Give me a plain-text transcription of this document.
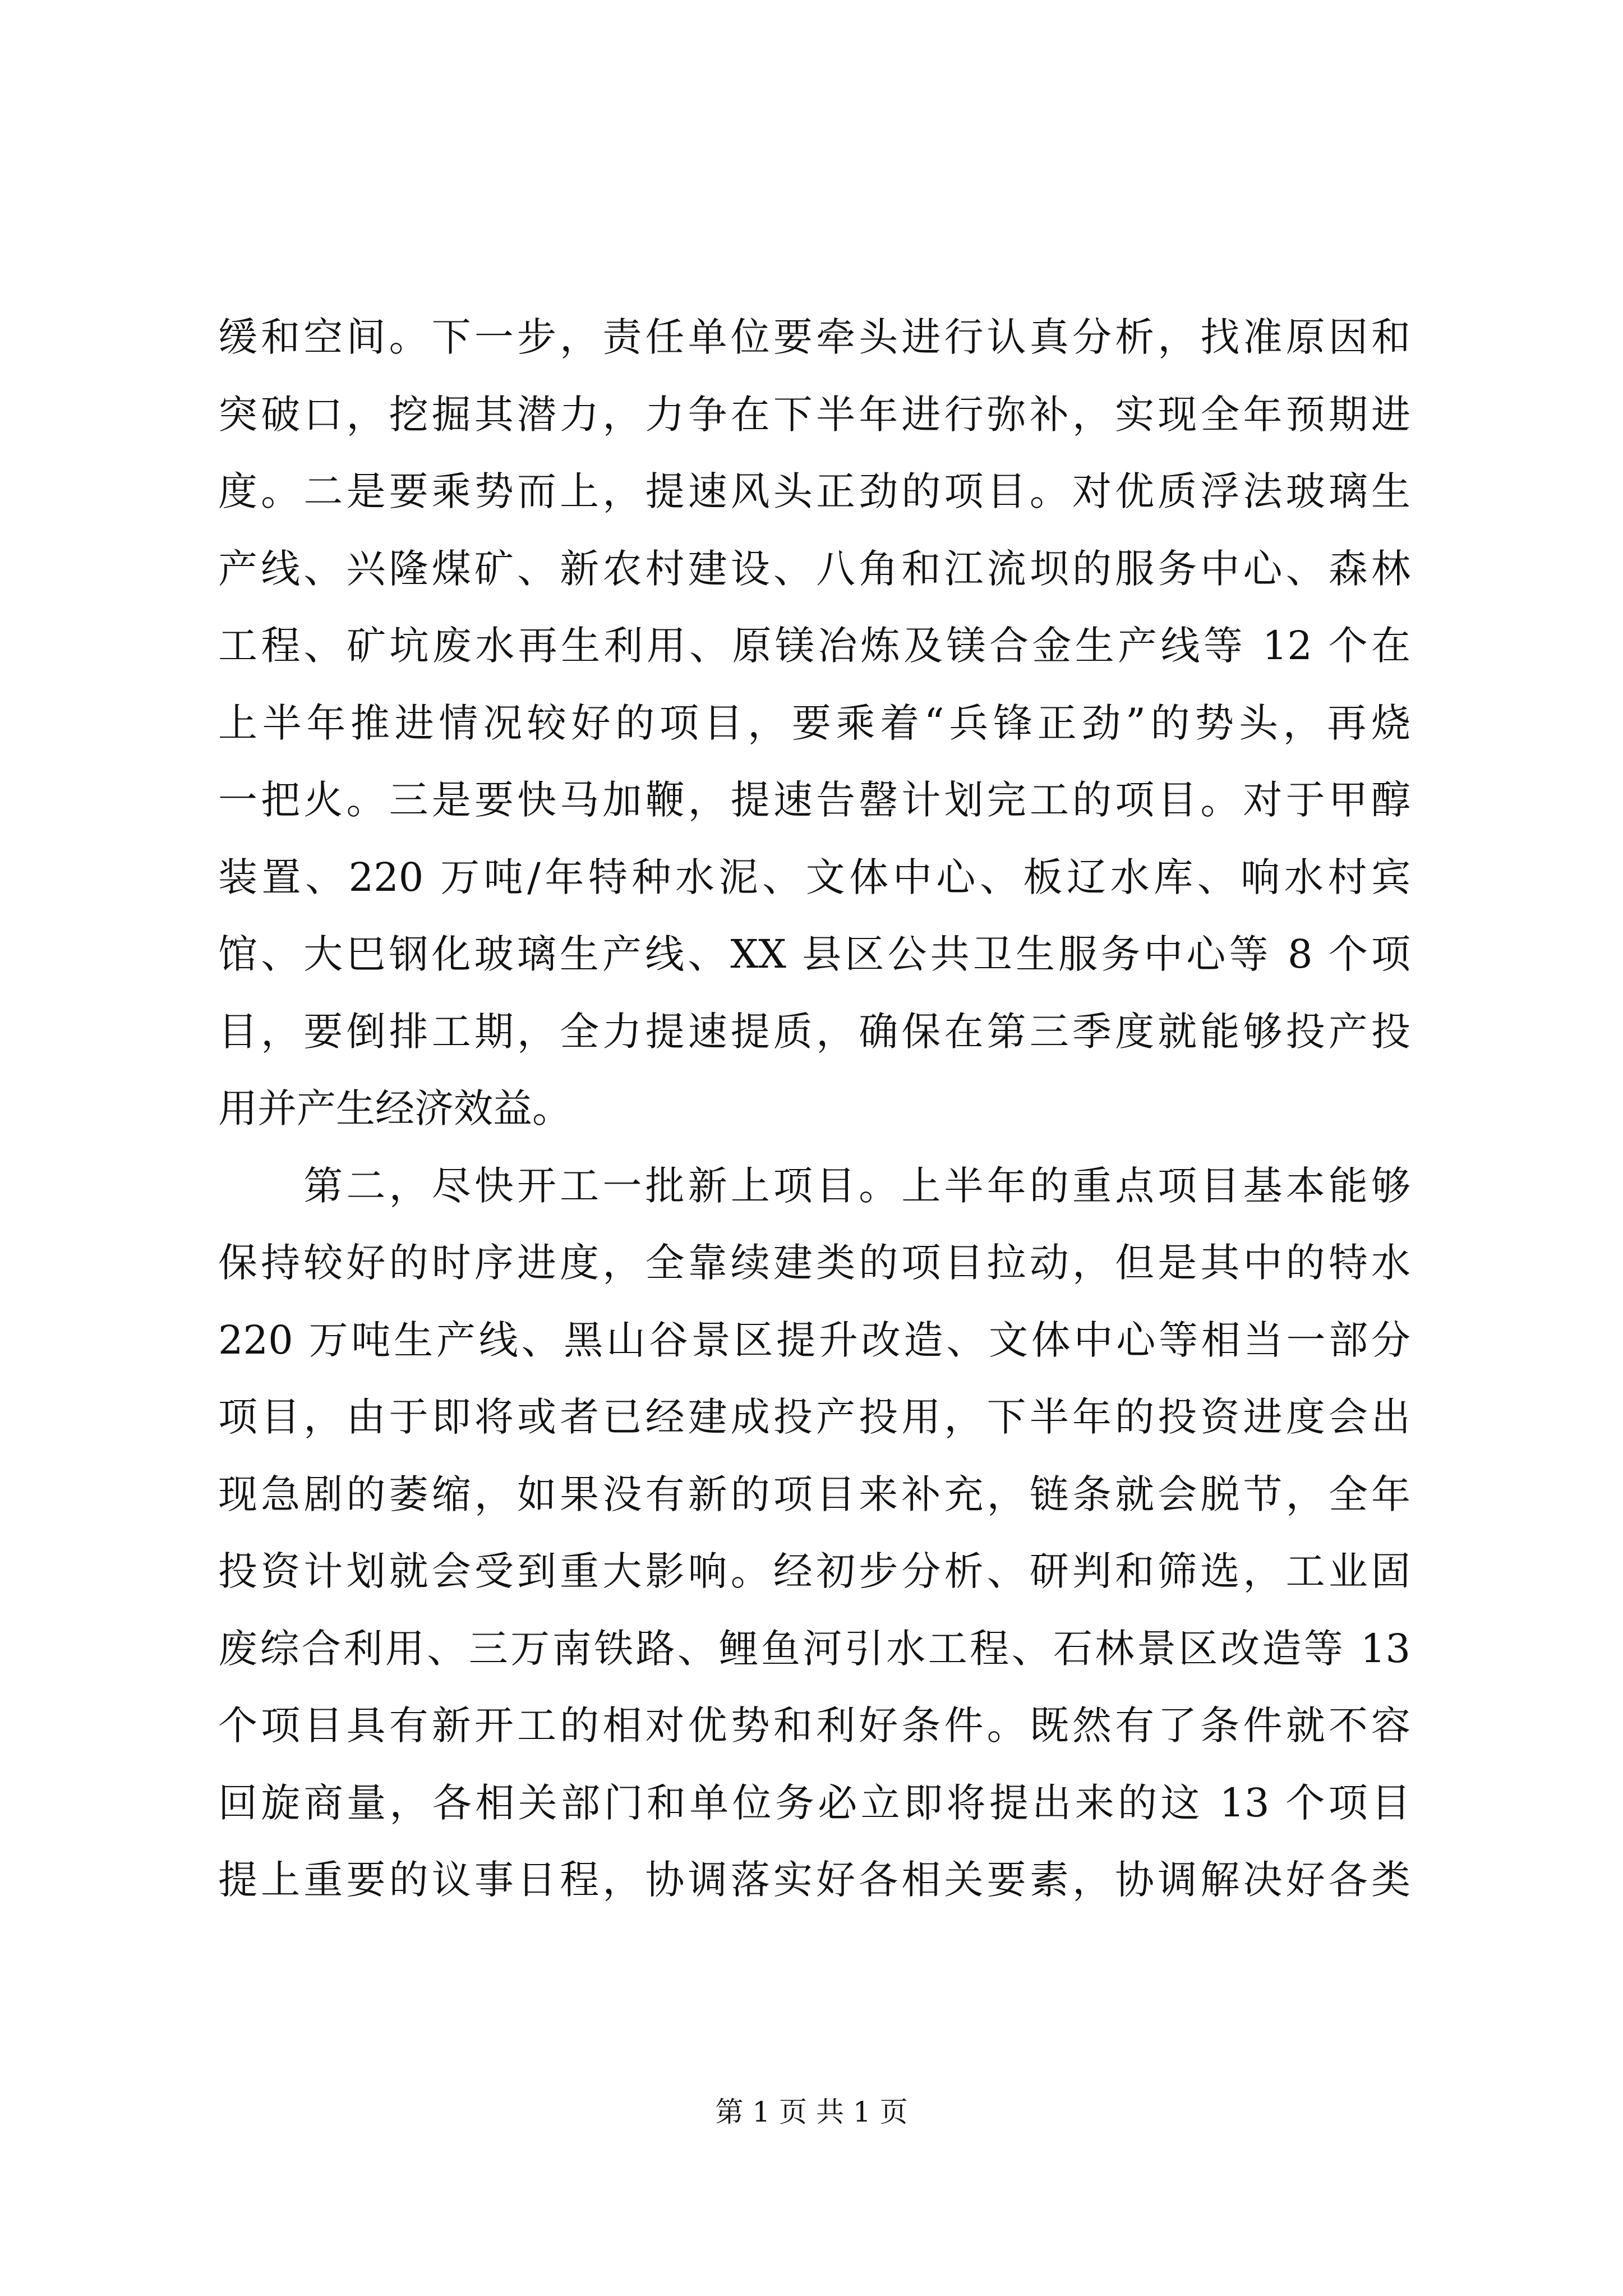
缓和空间。下一步，责任单位要牵头进行认真分析，找准原因和
突破口，挖掘其潜力，力争在下半年进行弥补，实现全年预期进
度。二是要乘势而上，提速风头正劲的项目。对优质浮法玻璃生
产线、兴隆煤矿、新农村建设、八角和江流坝的服务中心、森林
工程、矿坑废水再生利用、原镁冶炼及镁合金生产线等 12 个在
上半年推进情况较好的项目，要乘着“兵锋正劲”的势头，再烧
一把火。三是要快马加鞭，提速告罄计划完工的项目。对于甲醇
装置、220 万吨/年特种水泥、文体中心、板辽水库、响水村宾
馆、大巴钢化玻璃生产线、XX 县区公共卫生服务中心等 8 个项
目，要倒排工期，全力提速提质，确保在第三季度就能够投产投
用并产生经济效益。
　　第二，尽快开工一批新上项目。上半年的重点项目基本能够
保持较好的时序进度，全靠续建类的项目拉动，但是其中的特水
220 万吨生产线、黑山谷景区提升改造、文体中心等相当一部分
项目，由于即将或者已经建成投产投用，下半年的投资进度会出
现急剧的萎缩，如果没有新的项目来补充，链条就会脱节，全年
投资计划就会受到重大影响。经初步分析、研判和筛选，工业固
废综合利用、三万南铁路、鲤鱼河引水工程、石林景区改造等 13
个项目具有新开工的相对优势和利好条件。既然有了条件就不容
回旋商量，各相关部门和单位务必立即将提出来的这 13 个项目
提上重要的议事日程，协调落实好各相关要素，协调解决好各类
第 1 页 共 1 页
